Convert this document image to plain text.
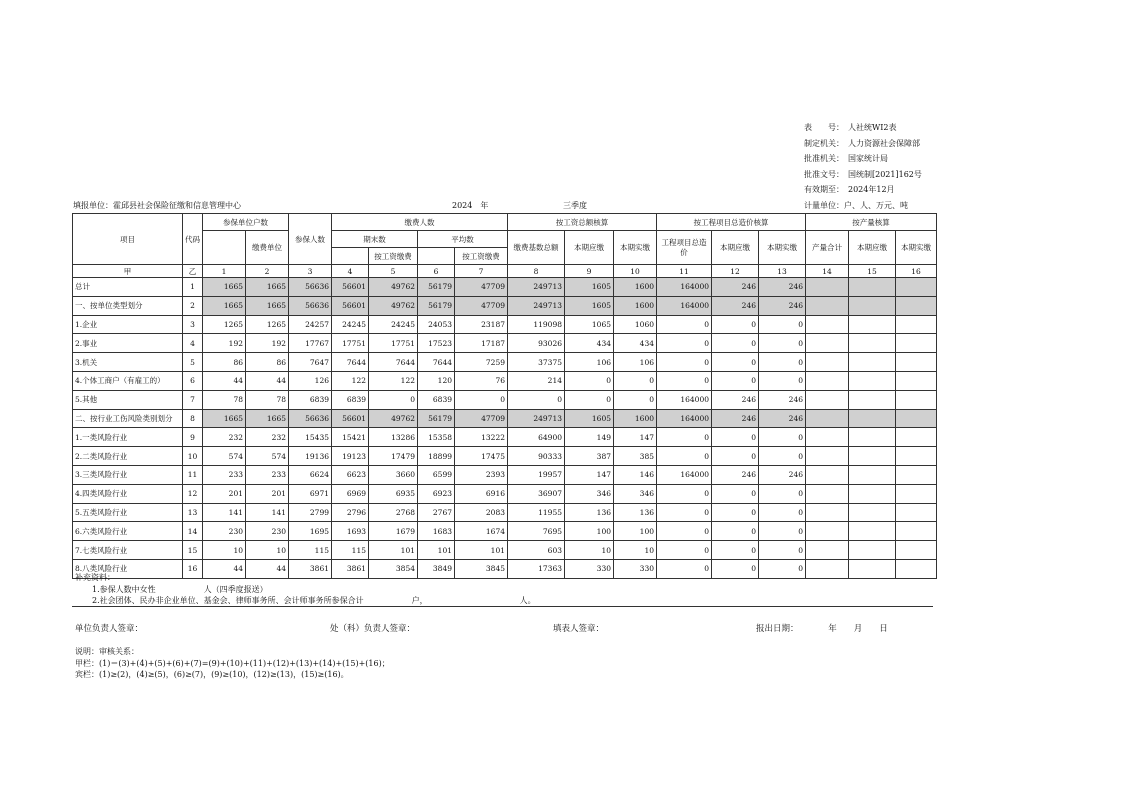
表　　号： 人社统WI2表
制定机关： 人力资源社会保障部
批准机关： 国家统计局
批准文号： 国统制[2021]162号
有效期至： 2024年12月
填报单位：霍邱县社会保险征缴和信息管理中心	2024　年	三季度	计量单位：户、人、万元、吨
项目	代码	参保单位户数		参保人数	缴费人数				按工资总额核算			按工程项目总造价核算			按产量核算		
			缴费单位		期末数		平均数		缴费基数总额	本期应缴	本期实缴	工程项目总造价	本期应缴	本期实缴	产量合计	本期应缴	本期实缴
						按工资缴费		按工资缴费									
甲	乙	1	2	3	4	5	6	7	8	9	10	11	12	13	14	15	16
总计	1	1665	1665	56636	56601	49762	56179	47709	249713	1605	1600	164000	246	246			
一、按单位类型划分	2	1665	1665	56636	56601	49762	56179	47709	249713	1605	1600	164000	246	246			
1.企业	3	1265	1265	24257	24245	24245	24053	23187	119098	1065	1060	0	0	0			
2.事业	4	192	192	17767	17751	17751	17523	17187	93026	434	434	0	0	0			
3.机关	5	86	86	7647	7644	7644	7644	7259	37375	106	106	0	0	0			
4.个体工商户（有雇工的）	6	44	44	126	122	122	120	76	214	0	0	0	0	0			
5.其他	7	78	78	6839	6839	0	6839	0	0	0	0	164000	246	246			
二、按行业工伤风险类别划分	8	1665	1665	56636	56601	49762	56179	47709	249713	1605	1600	164000	246	246			
1.一类风险行业	9	232	232	15435	15421	13286	15358	13222	64900	149	147	0	0	0			
2.二类风险行业	10	574	574	19136	19123	17479	18899	17475	90333	387	385	0	0	0			
3.三类风险行业	11	233	233	6624	6623	3660	6599	2393	19957	147	146	164000	246	246			
4.四类风险行业	12	201	201	6971	6969	6935	6923	6916	36907	346	346	0	0	0			
5.五类风险行业	13	141	141	2799	2796	2768	2767	2083	11955	136	136	0	0	0			
6.六类风险行业	14	230	230	1695	1693	1679	1683	1674	7695	100	100	0	0	0			
7.七类风险行业	15	10	10	115	115	101	101	101	603	10	10	0	0	0			
8.八类风险行业	16	44	44	3861	3861	3854	3849	3845	17363	330	330	0	0	0			
补充资料：
1.参保人数中女性　　　　　　人（四季度报送）
2.社会团体、民办非企业单位、基金会、律师事务所、会计师事务所参保合计　　　　　　户，　　　　　　　　　　　　人。
单位负责人签章：	处（科）负责人签章：	填表人签章：	报出日期：　　　　年　　月　　日
说明：审核关系：
甲栏：(1)＝(3)+(4)+(5)+(6)+(7)=(9)+(10)+(11)+(12)+(13)+(14)+(15)+(16)；
宾栏：(1)≥(2)，(4)≥(5)，(6)≥(7)，(9)≥(10)，(12)≥(13)，(15)≥(16)。
